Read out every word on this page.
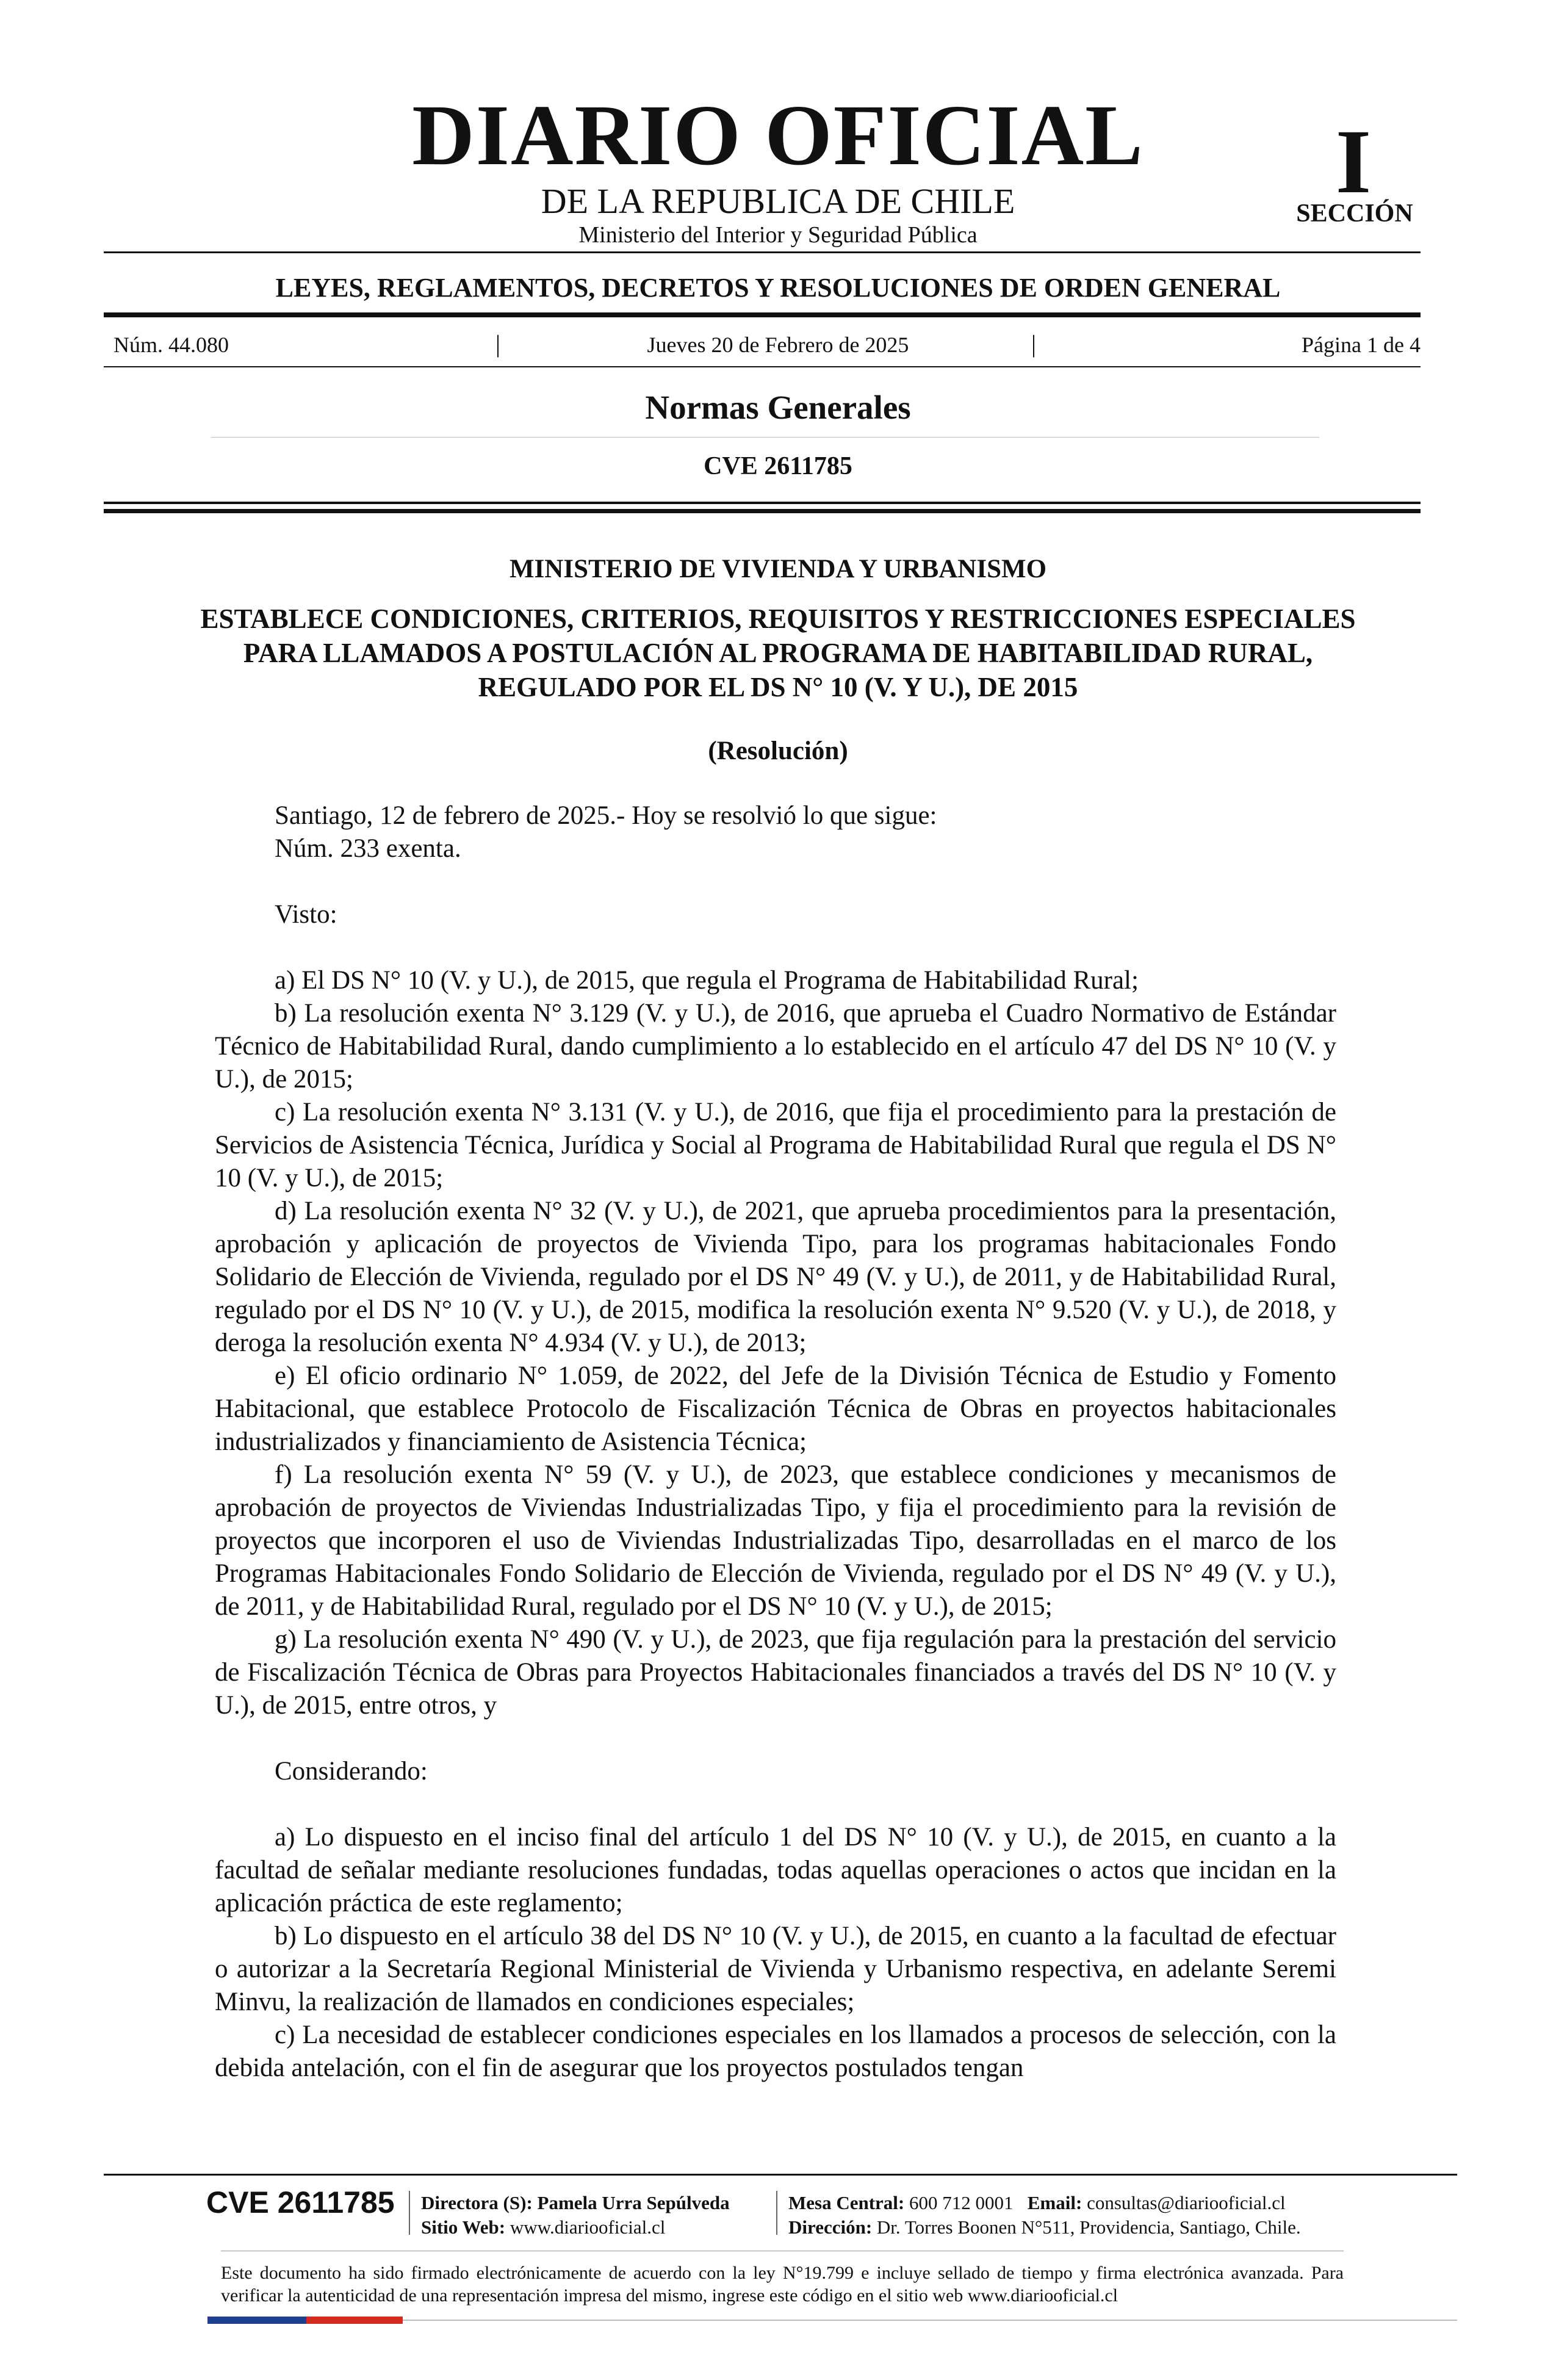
DIARIO OFICIAL
DE LA REPUBLICA DE CHILE
Ministerio del Interior y Seguridad Pública
I
SECCIÓN
LEYES, REGLAMENTOS, DECRETOS Y RESOLUCIONES DE ORDEN GENERAL
Núm. 44.080	|	Jueves 20 de Febrero de 2025	|	Página 1 de 4
Normas Generales
CVE 2611785
MINISTERIO DE VIVIENDA Y URBANISMO
ESTABLECE CONDICIONES, CRITERIOS, REQUISITOS Y RESTRICCIONES ESPECIALES PARA LLAMADOS A POSTULACIÓN AL PROGRAMA DE HABITABILIDAD RURAL, REGULADO POR EL DS N° 10 (V. Y U.), DE 2015
(Resolución)

Santiago, 12 de febrero de 2025.- Hoy se resolvió lo que sigue:

Núm. 233 exenta.

Visto:

a) El DS N° 10 (V. y U.), de 2015, que regula el Programa de Habitabilidad Rural;

b) La resolución exenta N° 3.129 (V. y U.), de 2016, que aprueba el Cuadro Normativo de Estándar Técnico de Habitabilidad Rural, dando cumplimiento a lo establecido en el artículo 47 del DS N° 10 (V. y U.), de 2015;

c) La resolución exenta N° 3.131 (V. y U.), de 2016, que fija el procedimiento para la prestación de Servicios de Asistencia Técnica, Jurídica y Social al Programa de Habitabilidad Rural que regula el DS N° 10 (V. y U.), de 2015;

d) La resolución exenta N° 32 (V. y U.), de 2021, que aprueba procedimientos para la presentación, aprobación y aplicación de proyectos de Vivienda Tipo, para los programas habitacionales Fondo Solidario de Elección de Vivienda, regulado por el DS N° 49 (V. y U.), de 2011, y de Habitabilidad Rural, regulado por el DS N° 10 (V. y U.), de 2015, modifica la resolución exenta N° 9.520 (V. y U.), de 2018, y deroga la resolución exenta N° 4.934 (V. y U.), de 2013;

e) El oficio ordinario N° 1.059, de 2022, del Jefe de la División Técnica de Estudio y Fomento Habitacional, que establece Protocolo de Fiscalización Técnica de Obras en proyectos habitacionales industrializados y financiamiento de Asistencia Técnica;

f) La resolución exenta N° 59 (V. y U.), de 2023, que establece condiciones y mecanismos de aprobación de proyectos de Viviendas Industrializadas Tipo, y fija el procedimiento para la revisión de proyectos que incorporen el uso de Viviendas Industrializadas Tipo, desarrolladas en el marco de los Programas Habitacionales Fondo Solidario de Elección de Vivienda, regulado por el DS N° 49 (V. y U.), de 2011, y de Habitabilidad Rural, regulado por el DS N° 10 (V. y U.), de 2015;

g) La resolución exenta N° 490 (V. y U.), de 2023, que fija regulación para la prestación del servicio de Fiscalización Técnica de Obras para Proyectos Habitacionales financiados a través del DS N° 10 (V. y U.), de 2015, entre otros, y

Considerando:

a) Lo dispuesto en el inciso final del artículo 1 del DS N° 10 (V. y U.), de 2015, en cuanto a la facultad de señalar mediante resoluciones fundadas, todas aquellas operaciones o actos que incidan en la aplicación práctica de este reglamento;

b) Lo dispuesto en el artículo 38 del DS N° 10 (V. y U.), de 2015, en cuanto a la facultad de efectuar o autorizar a la Secretaría Regional Ministerial de Vivienda y Urbanismo respectiva, en adelante Seremi Minvu, la realización de llamados en condiciones especiales;

c) La necesidad de establecer condiciones especiales en los llamados a procesos de selección, con la debida antelación, con el fin de asegurar que los proyectos postulados tengan

CVE 2611785 Directora (S): Pamela Urra Sepúlveda
Sitio Web: www.diariooficial.cl
Mesa Central: 600 712 0001 Email: consultas@diariooficial.cl
Dirección: Dr. Torres Boonen N°511, Providencia, Santiago, Chile.
Este documento ha sido firmado electrónicamente de acuerdo con la ley N°19.799 e incluye sellado de tiempo y firma electrónica avanzada. Para verificar la autenticidad de una representación impresa del mismo, ingrese este código en el sitio web www.diariooficial.cl
